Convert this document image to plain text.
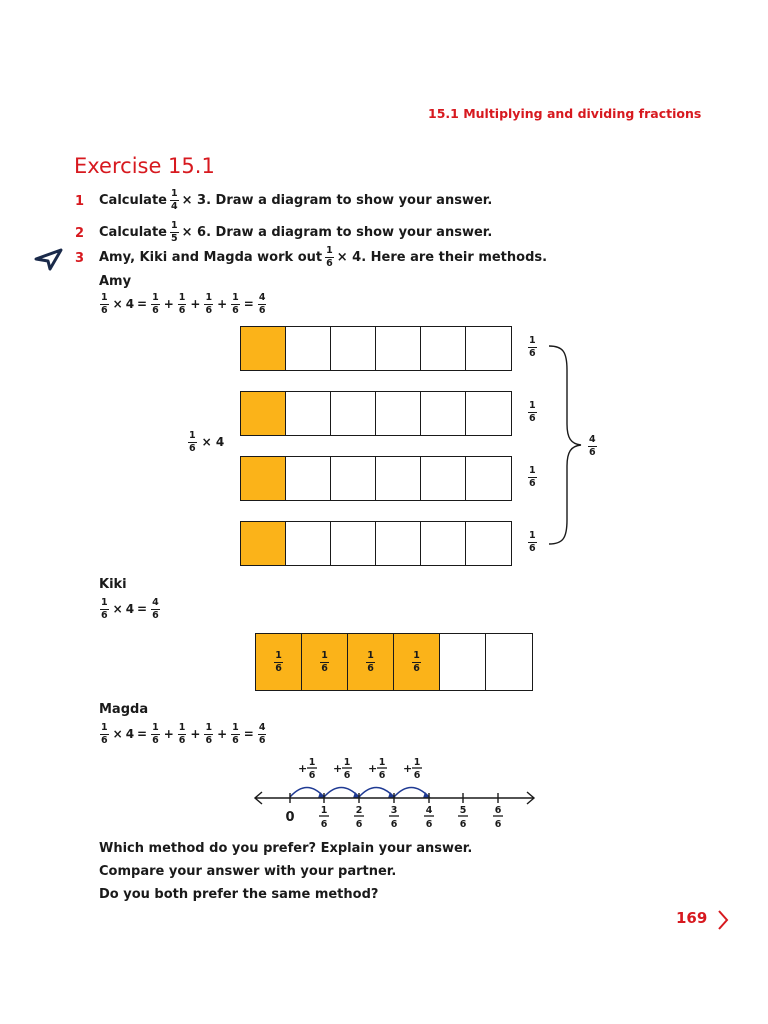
15.1 Multiplying and dividing fractions
Exercise 15.1
1 Calculate $\frac{1}{4} \times 3$. Draw a diagram to show your answer.
2 Calculate $\frac{1}{5} \times 6$. Draw a diagram to show your answer.
3 Amy, Kiki and Magda work out $\frac{1}{6} \times 4$. Here are their methods.
Amy
$\frac{1}{6} \times 4 = \frac{1}{6} + \frac{1}{6} + \frac{1}{6} + \frac{1}{6} = \frac{4}{6}$
$\frac{1}{6} \times 4$
$\frac{1}{6}$
$\frac{1}{6}$
$\frac{1}{6}$
$\frac{1}{6}$
$\frac{4}{6}$
Kiki
$\frac{1}{6} \times 4 = \frac{4}{6}$
$\frac{1}{6}$	$\frac{1}{6}$	$\frac{1}{6}$	$\frac{1}{6}$
Magda
$\frac{1}{6} \times 4 = \frac{1}{6} + \frac{1}{6} + \frac{1}{6} + \frac{1}{6} = \frac{4}{6}$
+ 1
6
+ 1
6
+ 1
6
+ 1
6
0	1
6
2
6
3
6
4
6
5
6
6
6
Which method do you prefer? Explain your answer.
Compare your answer with your partner.
Do you both prefer the same method?
169
